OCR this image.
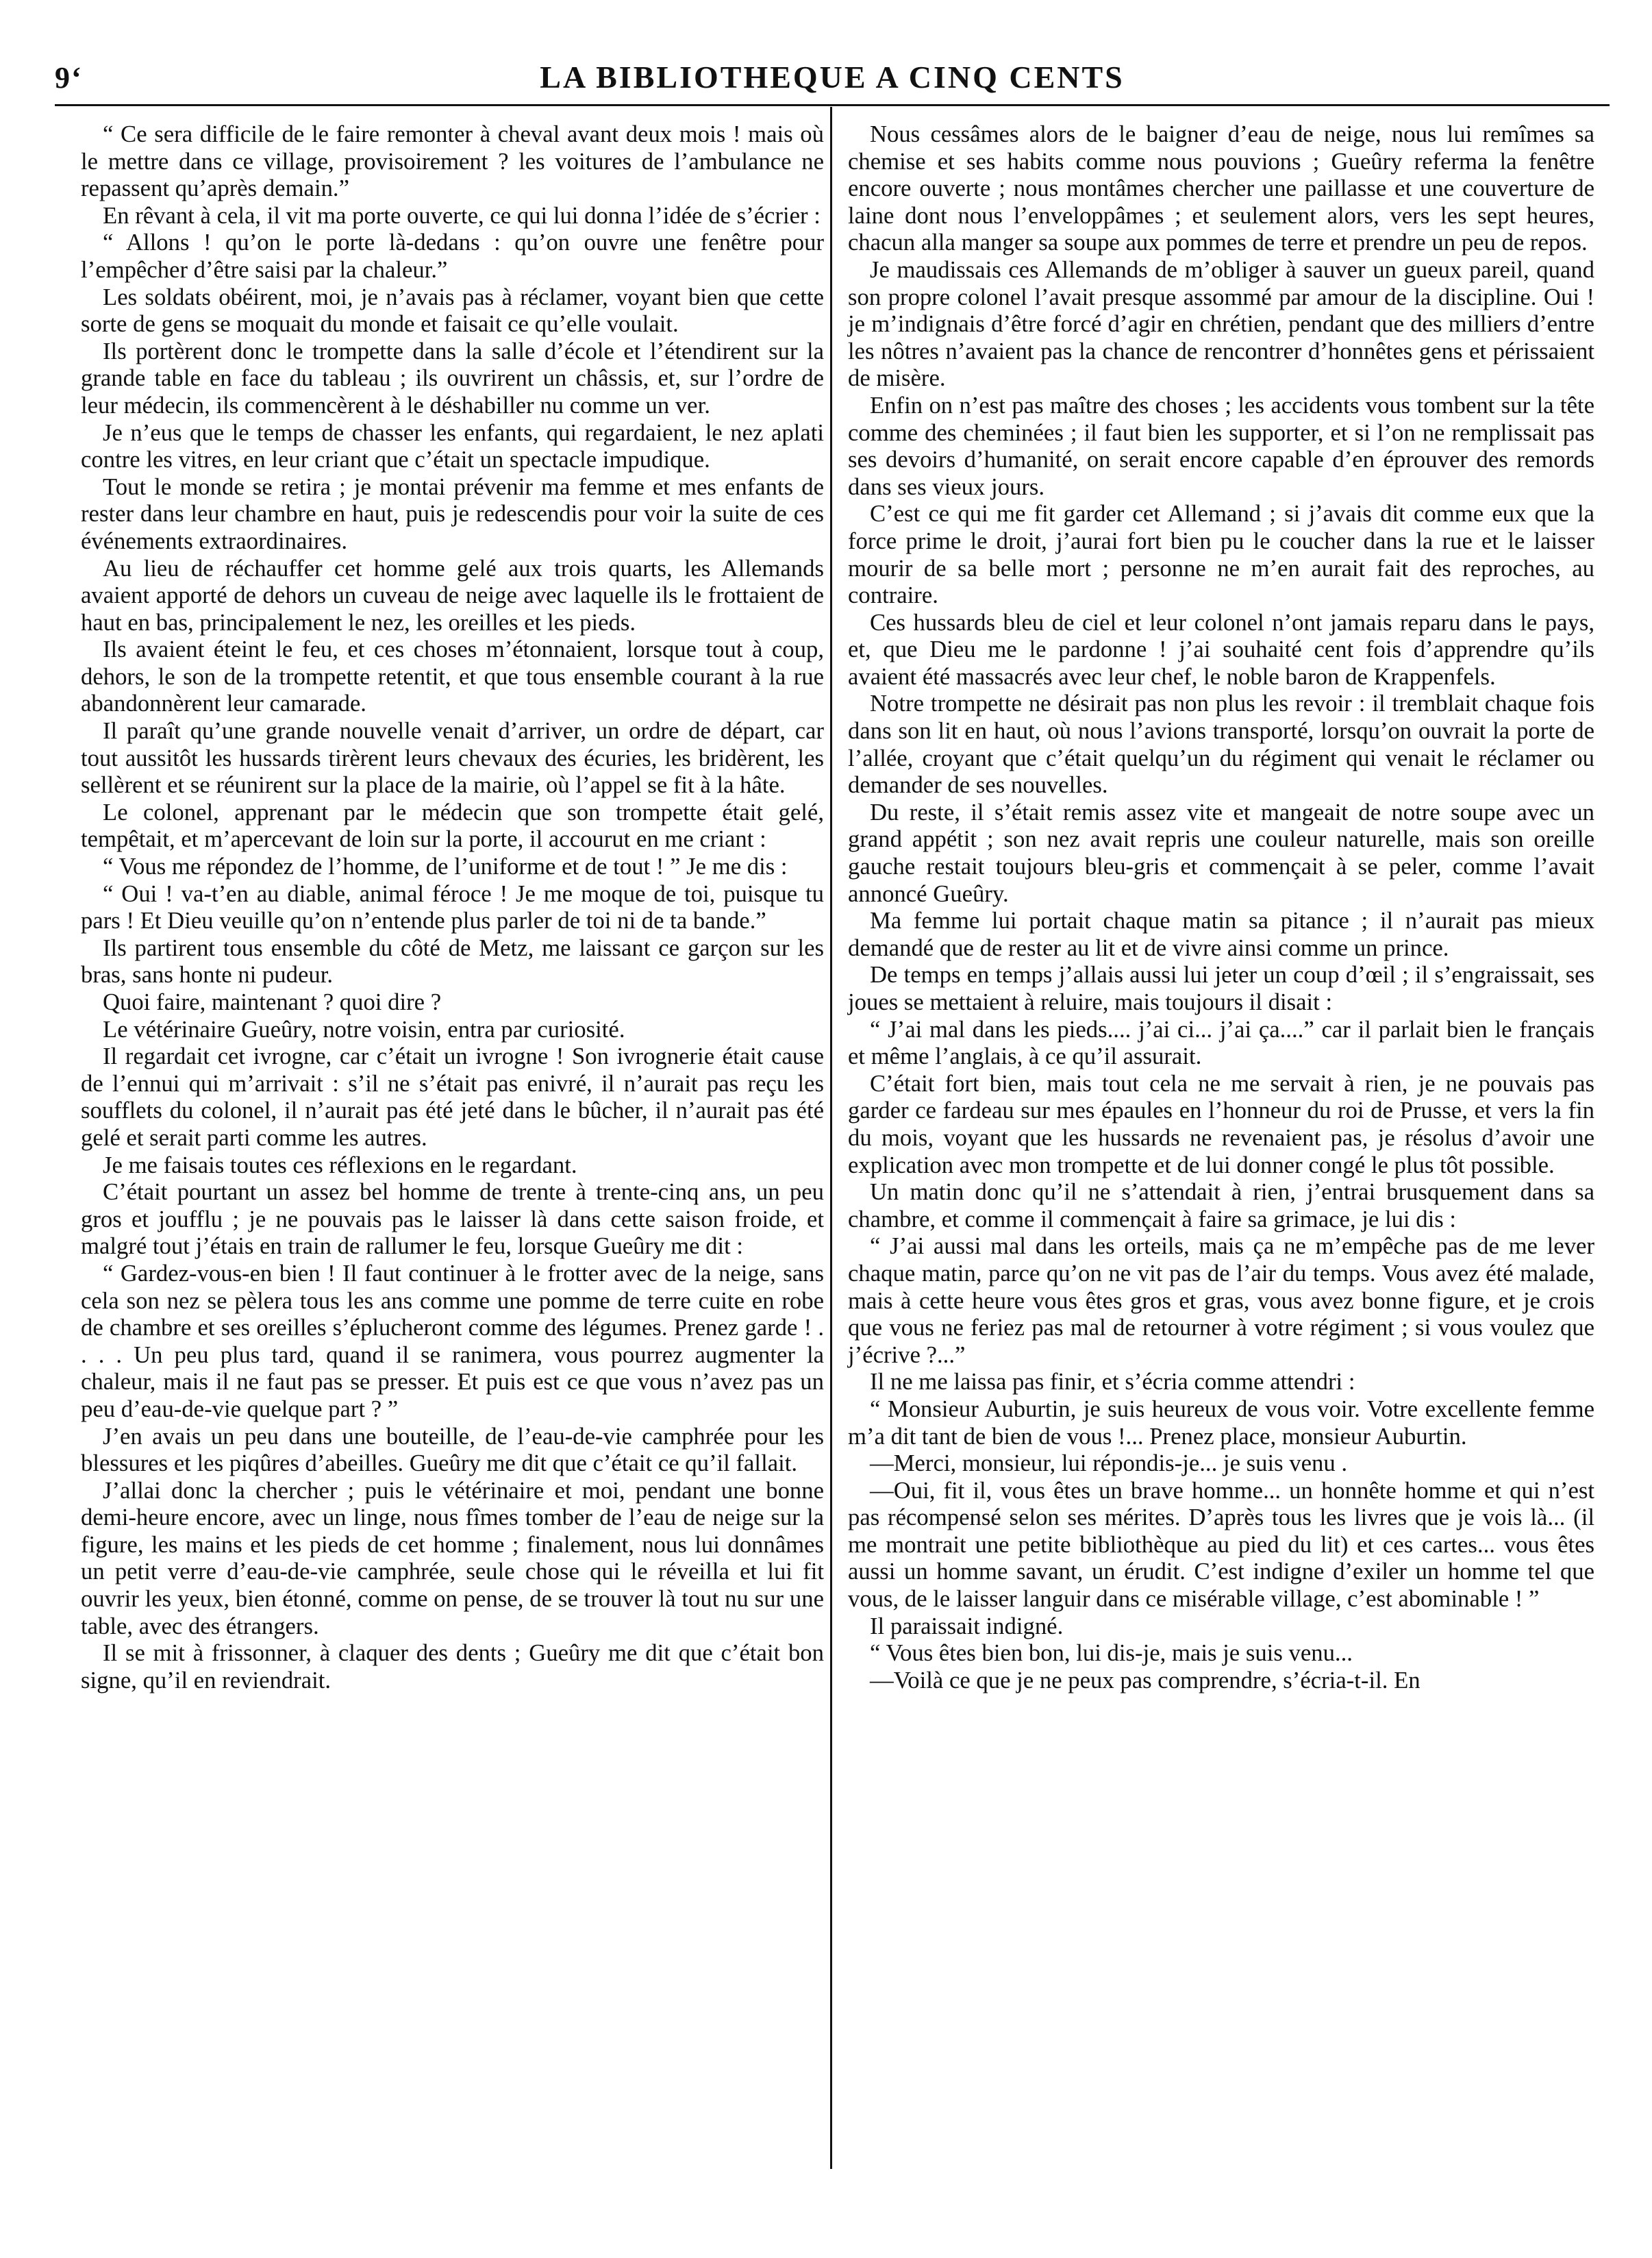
9‘	LA BIBLIOTHEQUE A CINQ CENTS

“ Ce sera difficile de le faire remonter à cheval avant deux mois ! mais où le mettre dans ce village, provisoirement ? les voitures de l’ambulance ne repassent qu’après demain.”

En rêvant à cela, il vit ma porte ouverte, ce qui lui donna l’idée de s’écrier :

“ Allons ! qu’on le porte là-dedans : qu’on ouvre une fenêtre pour l’empêcher d’être saisi par la chaleur.”

Les soldats obéirent, moi, je n’avais pas à réclamer, voyant bien que cette sorte de gens se moquait du monde et faisait ce qu’elle voulait.

Ils portèrent donc le trompette dans la salle d’école et l’étendirent sur la grande table en face du tableau ; ils ouvrirent un châssis, et, sur l’ordre de leur médecin, ils commencèrent à le déshabiller nu comme un ver.

Je n’eus que le temps de chasser les enfants, qui regardaient, le nez aplati contre les vitres, en leur criant que c’était un spectacle impudique.

Tout le monde se retira ; je montai prévenir ma femme et mes enfants de rester dans leur chambre en haut, puis je redescendis pour voir la suite de ces événements extraordinaires.

Au lieu de réchauffer cet homme gelé aux trois quarts, les Allemands avaient apporté de dehors un cuveau de neige avec laquelle ils le frottaient de haut en bas, principalement le nez, les oreilles et les pieds.

Ils avaient éteint le feu, et ces choses m’étonnaient, lorsque tout à coup, dehors, le son de la trompette retentit, et que tous ensemble courant à la rue abandonnèrent leur camarade.

Il paraît qu’une grande nouvelle venait d’arriver, un ordre de départ, car tout aussitôt les hussards tirèrent leurs chevaux des écuries, les bridèrent, les sellèrent et se réunirent sur la place de la mairie, où l’appel se fit à la hâte.

Le colonel, apprenant par le médecin que son trompette était gelé, tempêtait, et m’apercevant de loin sur la porte, il accourut en me criant :

“ Vous me répondez de l’homme, de l’uniforme et de tout ! ” Je me dis :

“ Oui ! va-t’en au diable, animal féroce ! Je me moque de toi, puisque tu pars ! Et Dieu veuille qu’on n’entende plus parler de toi ni de ta bande.”

Ils partirent tous ensemble du côté de Metz, me laissant ce garçon sur les bras, sans honte ni pudeur.

Quoi faire, maintenant ? quoi dire ?

Le vétérinaire Gueûry, notre voisin, entra par curiosité.

Il regardait cet ivrogne, car c’était un ivrogne ! Son ivrognerie était cause de l’ennui qui m’arrivait : s’il ne s’était pas enivré, il n’aurait pas reçu les soufflets du colonel, il n’aurait pas été jeté dans le bûcher, il n’aurait pas été gelé et serait parti comme les autres.

Je me faisais toutes ces réflexions en le regardant.

C’était pourtant un assez bel homme de trente à trente-cinq ans, un peu gros et joufflu ; je ne pouvais pas le laisser là dans cette saison froide, et malgré tout j’étais en train de rallumer le feu, lorsque Gueûry me dit :

“ Gardez-vous-en bien ! Il faut continuer à le frotter avec de la neige, sans cela son nez se pèlera tous les ans comme une pomme de terre cuite en robe de chambre et ses oreilles s’éplucheront comme des légumes. Prenez garde ! . . . . Un peu plus tard, quand il se ranimera, vous pourrez augmenter la chaleur, mais il ne faut pas se presser. Et puis est ce que vous n’avez pas un peu d’eau-de-vie quelque part ? ”

J’en avais un peu dans une bouteille, de l’eau-de-vie camphrée pour les blessures et les piqûres d’abeilles. Gueûry me dit que c’était ce qu’il fallait.

J’allai donc la chercher ; puis le vétérinaire et moi, pendant une bonne demi-heure encore, avec un linge, nous fîmes tomber de l’eau de neige sur la figure, les mains et les pieds de cet homme ; finalement, nous lui donnâmes un petit verre d’eau-de-vie camphrée, seule chose qui le réveilla et lui fit ouvrir les yeux, bien étonné, comme on pense, de se trouver là tout nu sur une table, avec des étrangers.

Il se mit à frissonner, à claquer des dents ; Gueûry me dit que c’était bon signe, qu’il en reviendrait.

Nous cessâmes alors de le baigner d’eau de neige, nous lui remîmes sa chemise et ses habits comme nous pouvions ; Gueûry referma la fenêtre encore ouverte ; nous montâmes chercher une paillasse et une couverture de laine dont nous l’enveloppâmes ; et seulement alors, vers les sept heures, chacun alla manger sa soupe aux pommes de terre et prendre un peu de repos.

Je maudissais ces Allemands de m’obliger à sauver un gueux pareil, quand son propre colonel l’avait presque assommé par amour de la discipline. Oui ! je m’indignais d’être forcé d’agir en chrétien, pendant que des milliers d’entre les nôtres n’avaient pas la chance de rencontrer d’honnêtes gens et périssaient de misère.

Enfin on n’est pas maître des choses ; les accidents vous tombent sur la tête comme des cheminées ; il faut bien les supporter, et si l’on ne remplissait pas ses devoirs d’humanité, on serait encore capable d’en éprouver des remords dans ses vieux jours.

C’est ce qui me fit garder cet Allemand ; si j’avais dit comme eux que la force prime le droit, j’aurai fort bien pu le coucher dans la rue et le laisser mourir de sa belle mort ; personne ne m’en aurait fait des reproches, au contraire.

Ces hussards bleu de ciel et leur colonel n’ont jamais reparu dans le pays, et, que Dieu me le pardonne ! j’ai souhaité cent fois d’apprendre qu’ils avaient été massacrés avec leur chef, le noble baron de Krappenfels.

Notre trompette ne désirait pas non plus les revoir : il tremblait chaque fois dans son lit en haut, où nous l’avions transporté, lorsqu’on ouvrait la porte de l’allée, croyant que c’était quelqu’un du régiment qui venait le réclamer ou demander de ses nouvelles.

Du reste, il s’était remis assez vite et mangeait de notre soupe avec un grand appétit ; son nez avait repris une couleur naturelle, mais son oreille gauche restait toujours bleu-gris et commençait à se peler, comme l’avait annoncé Gueûry.

Ma femme lui portait chaque matin sa pitance ; il n’aurait pas mieux demandé que de rester au lit et de vivre ainsi comme un prince.

De temps en temps j’allais aussi lui jeter un coup d’œil ; il s’engraissait, ses joues se mettaient à reluire, mais toujours il disait :

“ J’ai mal dans les pieds.... j’ai ci... j’ai ça....” car il parlait bien le français et même l’anglais, à ce qu’il assurait.

C’était fort bien, mais tout cela ne me servait à rien, je ne pouvais pas garder ce fardeau sur mes épaules en l’honneur du roi de Prusse, et vers la fin du mois, voyant que les hussards ne revenaient pas, je résolus d’avoir une explication avec mon trompette et de lui donner congé le plus tôt possible.

Un matin donc qu’il ne s’attendait à rien, j’entrai brusquement dans sa chambre, et comme il commençait à faire sa grimace, je lui dis :

“ J’ai aussi mal dans les orteils, mais ça ne m’empêche pas de me lever chaque matin, parce qu’on ne vit pas de l’air du temps. Vous avez été malade, mais à cette heure vous êtes gros et gras, vous avez bonne figure, et je crois que vous ne feriez pas mal de retourner à votre régiment ; si vous voulez que j’écrive ?...”

Il ne me laissa pas finir, et s’écria comme attendri :

“ Monsieur Auburtin, je suis heureux de vous voir. Votre excellente femme m’a dit tant de bien de vous !... Prenez place, monsieur Auburtin.

—Merci, monsieur, lui répondis-je... je suis venu .

—Oui, fit il, vous êtes un brave homme... un honnête homme et qui n’est pas récompensé selon ses mérites. D’après tous les livres que je vois là... (il me montrait une petite bibliothèque au pied du lit) et ces cartes... vous êtes aussi un homme savant, un érudit. C’est indigne d’exiler un homme tel que vous, de le laisser languir dans ce misérable village, c’est abominable ! ”

Il paraissait indigné.

“ Vous êtes bien bon, lui dis-je, mais je suis venu...

—Voilà ce que je ne peux pas comprendre, s’écria-t-il. En
